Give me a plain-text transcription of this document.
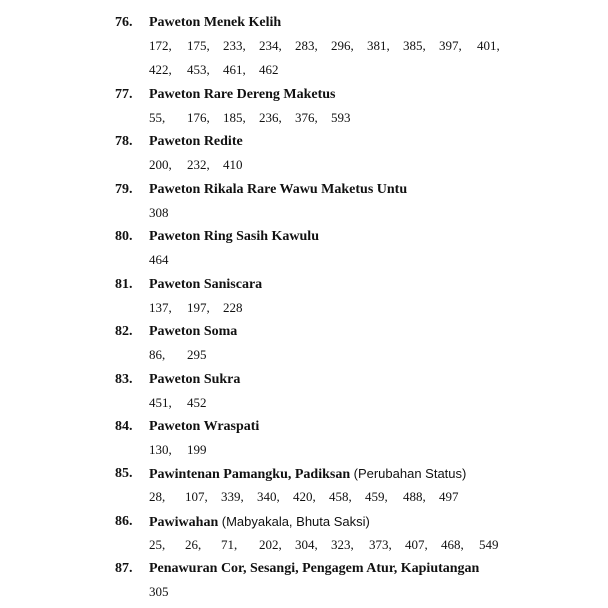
76. Paweton Menek Kelih
172, 175, 233, 234, 283, 296, 381, 385, 397, 401,
422, 453, 461, 462
77. Paweton Rare Dereng Maketus
55, 176, 185, 236, 376, 593
78. Paweton Redite
200, 232, 410
79. Paweton Rikala Rare Wawu Maketus Untu
308
80. Paweton Ring Sasih Kawulu
464
81. Paweton Saniscara
137, 197, 228
82. Paweton Soma
86, 295
83. Paweton Sukra
451, 452
84. Paweton Wraspati
130, 199
85. Pawintenan Pamangku, Padiksan (Perubahan Status)
28, 107, 339, 340, 420, 458, 459, 488, 497
86. Pawiwahan (Mabyakala, Bhuta Saksi)
25, 26, 71, 202, 304, 323, 373, 407, 468, 549
87. Penawuran Cor, Sesangi, Pengagem Atur, Kapiutangan
305
